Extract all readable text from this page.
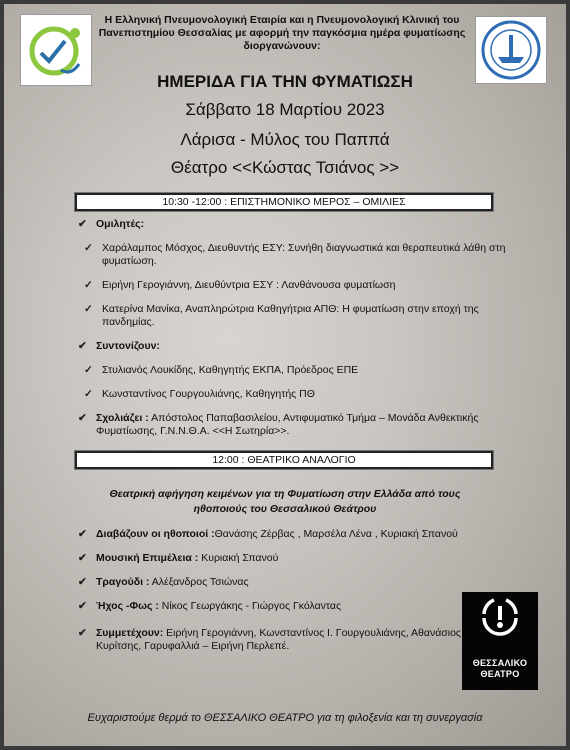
Η Ελληνική Πνευμονολογική Εταιρία και η Πνευμονολογική Κλινική του Πανεπιστημίου Θεσσαλίας με αφορμή την παγκόσμια ημέρα φυματίωσης διοργανώνουν:
ΗΜΕΡΙΔΑ ΓΙΑ ΤΗΝ ΦΥΜΑΤΙΩΣΗ
Σάββατο 18 Μαρτίου 2023
Λάρισα - Μύλος του Παππά
Θέατρο <<Κώστας Τσιάνος >>
10:30 -12:00 : ΕΠΙΣΤΗΜΟΝΙΚΟ ΜΕΡΟΣ – ΟΜΙΛΙΕΣ
✔ Ομιλητές:
✓ Χαράλαμπος Μόσχος, Διευθυντής ΕΣΥ: Συνήθη διαγνωστικά και θεραπευτικά λάθη στη φυματίωση.
✓ Ειρήνη Γερογιάννη, Διευθύντρια ΕΣΥ : Λανθάνουσα φυματίωση
✓ Κατερίνα Μανίκα, Αναπληρώτρια Καθηγήτρια ΑΠΘ: Η φυματίωση στην εποχή της πανδημίας.
✔ Συντονίζουν:
✓ Στυλιανός Λουκίδης, Καθηγητής ΕΚΠΑ, Πρόεδρος ΕΠΕ
✓ Κωνσταντίνος Γουργουλιάνης, Καθηγητής ΠΘ
✔ Σχολιάζει : Απόστολος Παπαβασιλείου, Αντιφυματικό Τμήμα – Μονάδα Ανθεκτικής Φυματίωσης, Γ.Ν.Ν.Θ.Α. <<Η Σωτηρία>>.
12:00 : ΘΕΑΤΡΙΚΟ ΑΝΑΛΟΓΙΟ
Θεατρική αφήγηση κειμένων για τη Φυματίωση στην Ελλάδα από τους ηθοποιούς του Θεσσαλικού Θεάτρου
✔ Διαβάζουν οι ηθοποιοί :Θανάσης Ζέρβας , Μαρσέλα Λένα , Κυριακή Σπανού
✔ Μουσική Επιμέλεια : Κυριακή Σπανού
✔ Τραγούδι : Αλέξανδρος Τσιώνας
✔ Ήχος -Φως : Νίκος Γεωργάκης - Γιώργος Γκόλαντας
✔ Συμμετέχουν: Ειρήνη Γερογιάννη, Κωνσταντίνος Ι. Γουργουλιάνης, Αθανάσιος Κυρίτσης, Γαρυφαλλιά – Ειρήνη Περλεπέ.
ΘΕΣΣΑΛΙΚΟ
ΘΕΑΤΡΟ
Ευχαριστούμε θερμά το ΘΕΣΣΑΛΙΚΟ ΘΕΑΤΡΟ για τη φιλοξενία και τη συνεργασία
